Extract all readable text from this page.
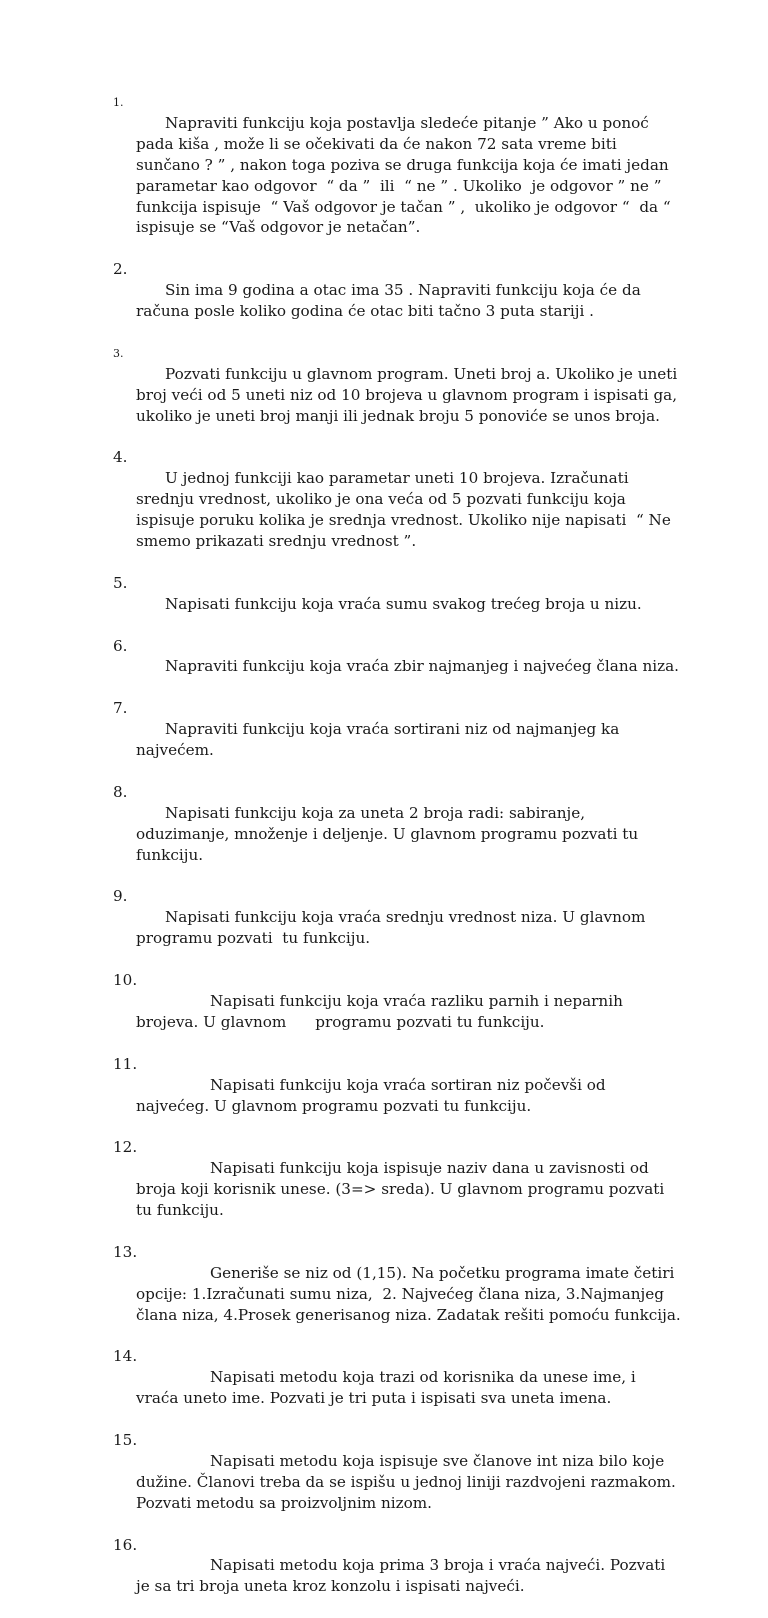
1.
Napraviti funkciju koja postavlja sledeće pitanje ” Ako u ponoć pada kiša , može li se očekivati da će nakon 72 sata vreme biti sunčano ? ” , nakon toga poziva se druga funkcija koja će imati jedan parametar kao odgovor  “ da ”  ili  “ ne ” . Ukoliko  je odgovor ” ne ”  funkcija ispisuje  “ Vaš odgovor je tačan ” ,  ukoliko je odgovor “  da “  ispisuje se “Vaš odgovor je netačan”.

2.
Sin ima 9 godina a otac ima 35 . Napraviti funkciju koja će da računa posle koliko godina će otac biti tačno 3 puta stariji .

3.
Pozvati funkciju u glavnom program. Uneti broj a. Ukoliko je uneti broj veći od 5 uneti niz od 10 brojeva u glavnom program i ispisati ga, ukoliko je uneti broj manji ili jednak broju 5 ponoviće se unos broja.

4.
U jednoj funkciji kao parametar uneti 10 brojeva. Izračunati srednju vrednost, ukoliko je ona veća od 5 pozvati funkciju koja ispisuje poruku kolika je srednja vrednost. Ukoliko nije napisati  “ Ne smemo prikazati srednju vrednost ”.

5.
Napisati funkciju koja vraća sumu svakog trećeg broja u nizu.

6.
Napraviti funkciju koja vraća zbir najmanjeg i najvećeg člana niza.

7.
Napraviti funkciju koja vraća sortirani niz od najmanjeg ka najvećem.

8.
Napisati funkciju koja za uneta 2 broja radi: sabiranje, oduzimanje, množenje i deljenje. U glavnom programu pozvati tu funkciju.

9.
Napisati funkciju koja vraća srednju vrednost niza. U glavnom programu pozvati  tu funkciju.

10.
Napisati funkciju koja vraća razliku parnih i neparnih brojeva. U glavnom      programu pozvati tu funkciju.

11.
Napisati funkciju koja vraća sortiran niz počevši od najvećeg. U glavnom programu pozvati tu funkciju.

12.
Napisati funkciju koja ispisuje naziv dana u zavisnosti od broja koji korisnik unese. (3=> sreda). U glavnom programu pozvati tu funkciju.

13.
Generiše se niz od (1,15). Na početku programa imate četiri opcije: 1.Izračunati sumu niza,  2. Najvećeg člana niza, 3.Najmanjeg člana niza, 4.Prosek generisanog niza. Zadatak rešiti pomoću funkcija.

14.
Napisati metodu koja trazi od korisnika da unese ime, i vraća uneto ime. Pozvati je tri puta i ispisati sva uneta imena.

15.
Napisati metodu koja ispisuje sve članove int niza bilo koje dužine. Članovi treba da se ispišu u jednoj liniji razdvojeni razmakom. Pozvati metodu sa proizvoljnim nizom.

16.
Napisati metodu koja prima 3 broja i vraća najveći. Pozvati je sa tri broja uneta kroz konzolu i ispisati najveći.
